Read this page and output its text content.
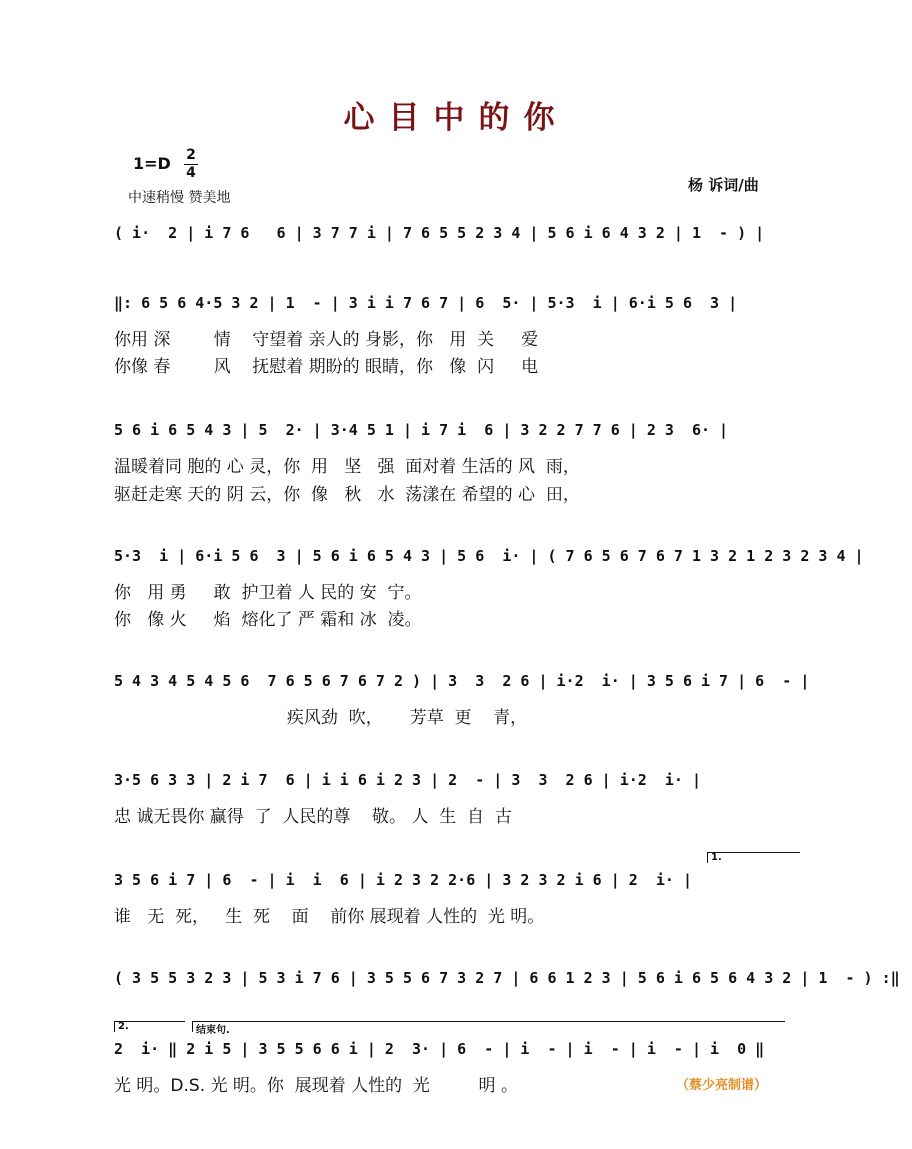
心目中的你
1=D 2
4
中速稍慢 赞美地
杨 诉词/曲
( i·  2 | i 7 6   6 | 3 7 7 i | 7 6 5 5 2 3 4 | 5 6 i 6 4 3 2 | 1  - ) |
‖: 6 5 6 4·5 3 2 | 1  - | 3 i i 7 6 7 | 6  5· | 5·3  i | 6·i 5 6  3 |
你用 深        情    守望着 亲人的 身影，你   用  关     爱
你像 春        风    抚慰着 期盼的 眼睛，你   像  闪     电
5 6 i 6 5 4 3 | 5  2· | 3·4 5 1 | i 7 i  6 | 3 2 2 7 7 6 | 2 3  6· |
温暖着同 胞的 心 灵，你  用   坚   强  面对着 生活的 风  雨，
驱赶走寒 天的 阴 云，你  像   秋   水  荡漾在 希望的 心  田，
5·3  i | 6·i 5 6  3 | 5 6 i 6 5 4 3 | 5 6  i· | ( 7 6 5 6 7 6 7 1 3 2 1 2 3 2 3 4 |
你   用 勇     敢  护卫着 人 民的 安  宁。
你   像 火     焰  熔化了 严 霜和 冰  凌。
5 4 3 4 5 4 5 6  7 6 5 6 7 6 7 2 ) | 3  3  2 6 | i·2  i· | 3 5 6 i 7 | 6  - |
疾风劲  吹，     芳草  更    青，
3·5 6 3 3 | 2 i 7  6 | i i 6 i 2 3 | 2  - | 3  3  2 6 | i·2  i· |
忠 诚无畏你 赢得  了  人民的尊    敬。 人  生  自  古
1.
3 5 6 i 7 | 6  - | i  i  6 | i 2 3 2 2·6 | 3 2 3 2 i 6 | 2  i· |
谁   无  死，   生  死    面    前你 展现着 人性的  光 明。
( 3 5 5 3 2 3 | 5 3 i 7 6 | 3 5 5 6 7 3 2 7 | 6 6 1 2 3 | 5 6 i 6 5 6 4 3 2 | 1  - ) :‖
2.	结束句.
2  i· ‖ 2 i 5 | 3 5 5 6 6 i | 2  3· | 6  - | i  - | i  - | i  - | i  0 ‖
光 明。D.S. 光 明。你  展现着 人性的  光         明 。	（蔡少亮制谱）
